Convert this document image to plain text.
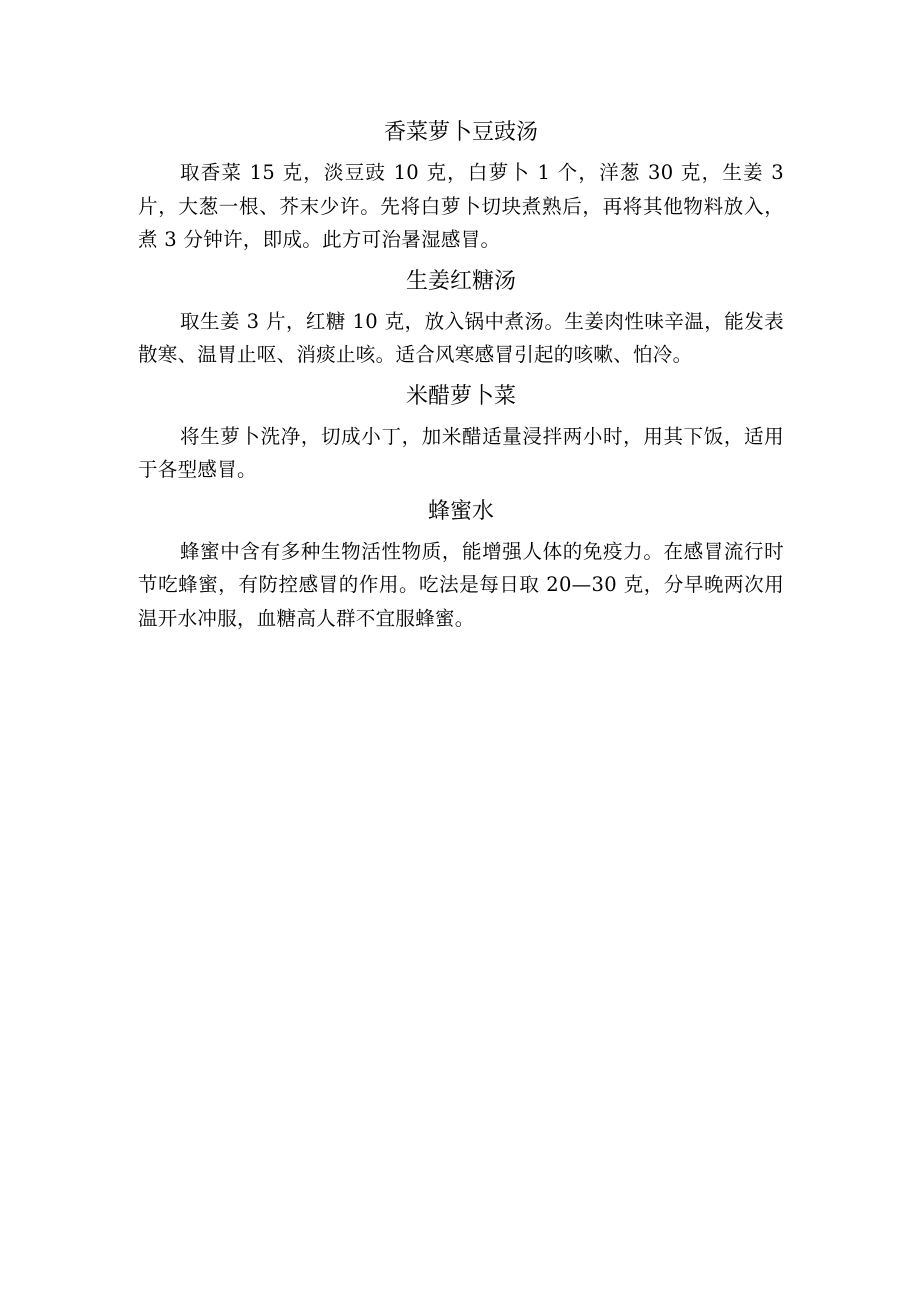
香菜萝卜豆豉汤

取香菜 15 克，淡豆豉 10 克，白萝卜 1 个，洋葱 30 克，生姜 3 片，大葱一根、芥末少许。先将白萝卜切块煮熟后，再将其他物料放入，煮 3 分钟许，即成。此方可治暑湿感冒。

生姜红糖汤

取生姜 3 片，红糖 10 克，放入锅中煮汤。生姜肉性味辛温，能发表散寒、温胃止呕、消痰止咳。适合风寒感冒引起的咳嗽、怕冷。

米醋萝卜菜

将生萝卜洗净，切成小丁，加米醋适量浸拌两小时，用其下饭，适用于各型感冒。

蜂蜜水

蜂蜜中含有多种生物活性物质，能增强人体的免疫力。在感冒流行时节吃蜂蜜，有防控感冒的作用。吃法是每日取 20—30 克，分早晚两次用温开水冲服，血糖高人群不宜服蜂蜜。
